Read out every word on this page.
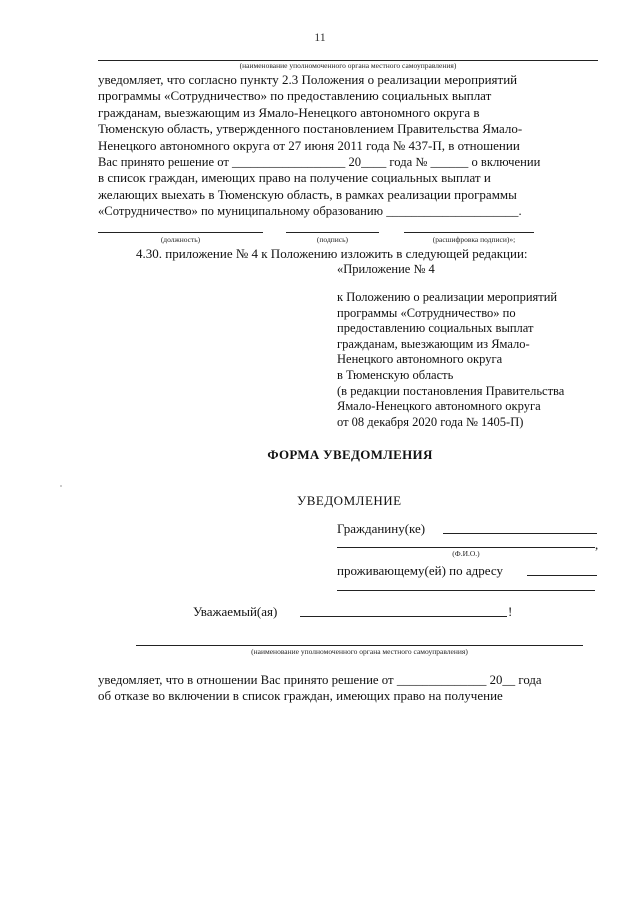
11
(наименование уполномоченного органа местного самоуправления)
уведомляет, что согласно пункту 2.3 Положения о реализации мероприятий
программы «Сотрудничество» по предоставлению социальных выплат
гражданам, выезжающим из Ямало-Ненецкого автономного округа в
Тюменскую область, утвержденного постановлением Правительства Ямало-
Ненецкого автономного округа от 27 июня 2011 года № 437-П, в отношении
Вас принято решение от __________________ 20____ года № ______ о включении
в список граждан, имеющих право на получение социальных выплат и
желающих выехать в Тюменскую область, в рамках реализации программы
«Сотрудничество» по муниципальному образованию _____________________.
(должность)	(подпись)	(расшифровка подписи)»;
4.30. приложение № 4 к Положению изложить в следующей редакции:
«Приложение № 4
к Положению о реализации мероприятий
программы «Сотрудничество» по
предоставлению социальных выплат
гражданам, выезжающим из Ямало-
Ненецкого автономного округа
в Тюменскую область
(в редакции постановления Правительства
Ямало-Ненецкого автономного округа
от 08 декабря 2020 года № 1405-П)
ФОРМА УВЕДОМЛЕНИЯ
УВЕДОМЛЕНИЕ
Гражданину(ке)
,
(Ф.И.О.)
проживающему(ей) по адресу
Уважаемый(ая)	!
(наименование уполномоченного органа местного самоуправления)
уведомляет, что в отношении Вас принято решение от ______________ 20__ года
об отказе во включении в список граждан, имеющих право на получение
